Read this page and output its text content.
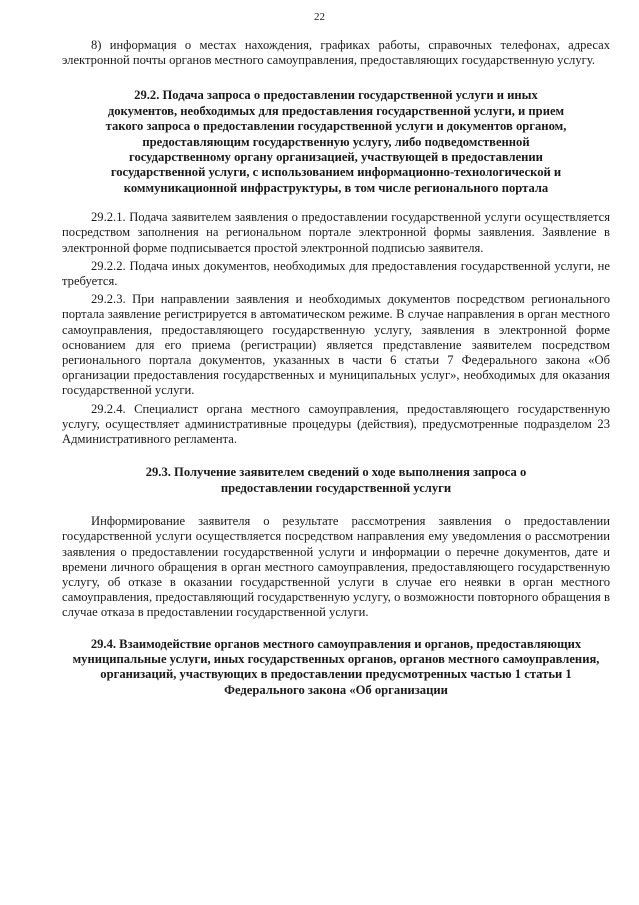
22

8) информация о местах нахождения, графиках работы, справочных телефонах, адресах электронной почты органов местного самоуправления, предоставляющих государственную услугу.

29.2. Подача запроса о предоставлении государственной услуги и иных документов, необходимых для предоставления государственной услуги, и прием такого запроса о предоставлении государственной услуги и документов органом, предоставляющим государственную услугу, либо подведомственной государственному органу организацией, участвующей в предоставлении государственной услуги, с использованием информационно-технологической и коммуникационной инфраструктуры, в том числе регионального портала

29.2.1. Подача заявителем заявления о предоставлении государственной услуги осуществляется посредством заполнения на региональном портале электронной формы заявления. Заявление в электронной форме подписывается простой электронной подписью заявителя.

29.2.2. Подача иных документов, необходимых для предоставления государственной услуги, не требуется.

29.2.3. При направлении заявления и необходимых документов посредством регионального портала заявление регистрируется в автоматическом режиме. В случае направления в орган местного самоуправления, предоставляющего государственную услугу, заявления в электронной форме основанием для его приема (регистрации) является представление заявителем посредством регионального портала документов, указанных в части 6 статьи 7 Федерального закона «Об организации предоставления государственных и муниципальных услуг», необходимых для оказания государственной услуги.

29.2.4. Специалист органа местного самоуправления, предоставляющего государственную услугу, осуществляет административные процедуры (действия), предусмотренные подразделом 23 Административного регламента.

29.3. Получение заявителем сведений о ходе выполнения запроса о предоставлении государственной услуги

Информирование заявителя о результате рассмотрения заявления о предоставлении государственной услуги осуществляется посредством направления ему уведомления о рассмотрении заявления о предоставлении государственной услуги и информации о перечне документов, дате и времени личного обращения в орган местного самоуправления, предоставляющего государственную услугу, об отказе в оказании государственной услуги в случае его неявки в орган местного самоуправления, предоставляющий государственную услугу, о возможности повторного обращения в случае отказа в предоставлении государственной услуги.

29.4. Взаимодействие органов местного самоуправления и органов, предоставляющих муниципальные услуги, иных государственных органов, органов местного самоуправления, организаций, участвующих в предоставлении предусмотренных частью 1 статьи 1 Федерального закона «Об организации
